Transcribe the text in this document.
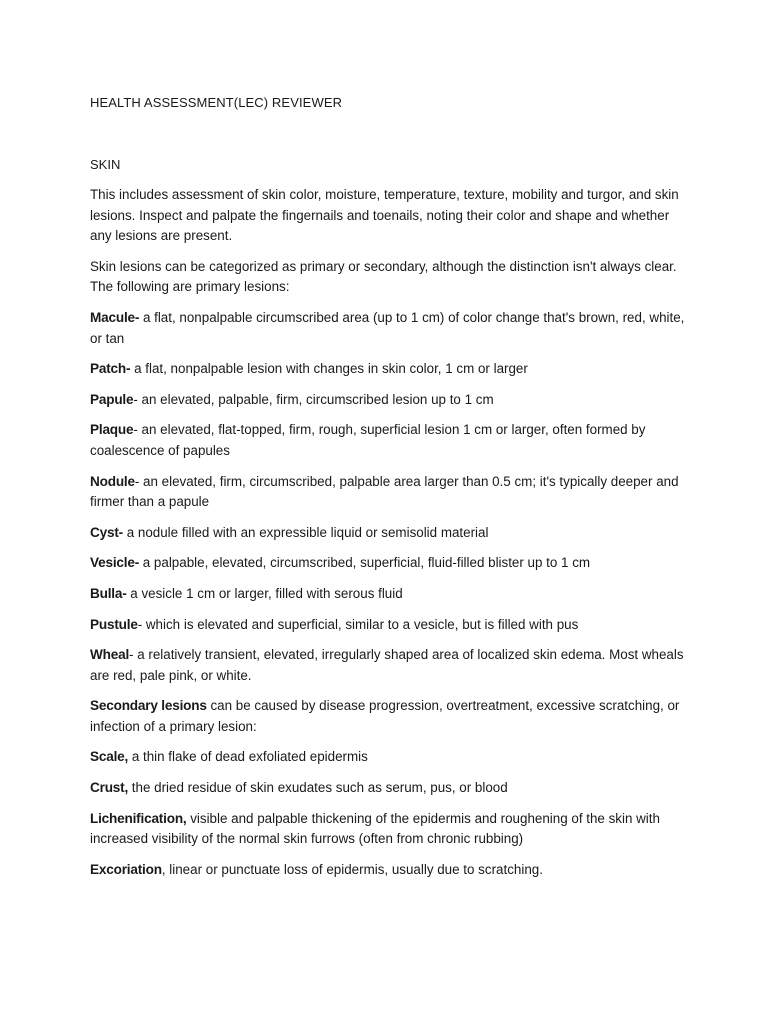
HEALTH ASSESSMENT(LEC) REVIEWER

SKIN

This includes assessment of skin color, moisture, temperature, texture, mobility and turgor, and skin lesions. Inspect and palpate the fingernails and toenails, noting their color and shape and whether any lesions are present.

Skin lesions can be categorized as primary or secondary, although the distinction isn't always clear. The following are primary lesions:

Macule- a flat, nonpalpable circumscribed area (up to 1 cm) of color change that's brown, red, white, or tan

Patch- a flat, nonpalpable lesion with changes in skin color, 1 cm or larger

Papule- an elevated, palpable, firm, circumscribed lesion up to 1 cm

Plaque- an elevated, flat-topped, firm, rough, superficial lesion 1 cm or larger, often formed by coalescence of papules

Nodule- an elevated, firm, circumscribed, palpable area larger than 0.5 cm; it's typically deeper and firmer than a papule

Cyst- a nodule filled with an expressible liquid or semisolid material

Vesicle- a palpable, elevated, circumscribed, superficial, fluid-filled blister up to 1 cm

Bulla- a vesicle 1 cm or larger, filled with serous fluid

Pustule- which is elevated and superficial, similar to a vesicle, but is filled with pus

Wheal- a relatively transient, elevated, irregularly shaped area of localized skin edema. Most wheals are red, pale pink, or white.

Secondary lesions can be caused by disease progression, overtreatment, excessive scratching, or infection of a primary lesion:

Scale, a thin flake of dead exfoliated epidermis

Crust, the dried residue of skin exudates such as serum, pus, or blood

Lichenification, visible and palpable thickening of the epidermis and roughening of the skin with increased visibility of the normal skin furrows (often from chronic rubbing)

Excoriation, linear or punctuate loss of epidermis, usually due to scratching.
